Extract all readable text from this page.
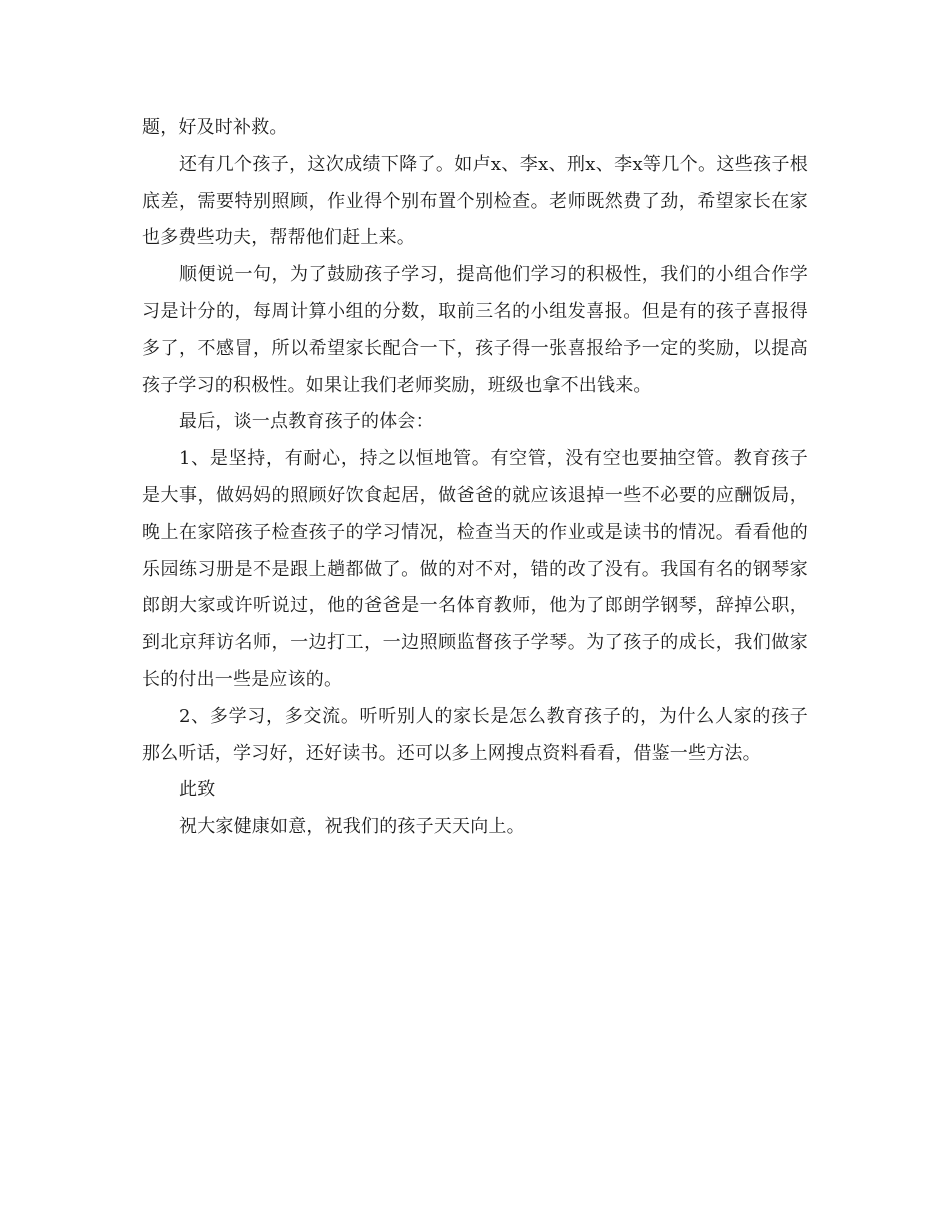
题，好及时补救。

还有几个孩子，这次成绩下降了。如卢x、李x、刑x、李x等几个。这些孩子根底差，需要特别照顾，作业得个别布置个别检查。老师既然费了劲，希望家长在家也多费些功夫，帮帮他们赶上来。

顺便说一句，为了鼓励孩子学习，提高他们学习的积极性，我们的小组合作学习是计分的，每周计算小组的分数，取前三名的小组发喜报。但是有的孩子喜报得多了，不感冒，所以希望家长配合一下，孩子得一张喜报给予一定的奖励，以提高孩子学习的积极性。如果让我们老师奖励，班级也拿不出钱来。

最后，谈一点教育孩子的体会：

1、是坚持，有耐心，持之以恒地管。有空管，没有空也要抽空管。教育孩子是大事，做妈妈的照顾好饮食起居，做爸爸的就应该退掉一些不必要的应酬饭局，晚上在家陪孩子检查孩子的学习情况，检查当天的作业或是读书的情况。看看他的乐园练习册是不是跟上趟都做了。做的对不对，错的改了没有。我国有名的钢琴家郎朗大家或许听说过，他的爸爸是一名体育教师，他为了郎朗学钢琴，辞掉公职，到北京拜访名师，一边打工，一边照顾监督孩子学琴。为了孩子的成长，我们做家长的付出一些是应该的。

2、多学习，多交流。听听别人的家长是怎么教育孩子的，为什么人家的孩子那么听话，学习好，还好读书。还可以多上网搜点资料看看，借鉴一些方法。

此致

祝大家健康如意，祝我们的孩子天天向上。
